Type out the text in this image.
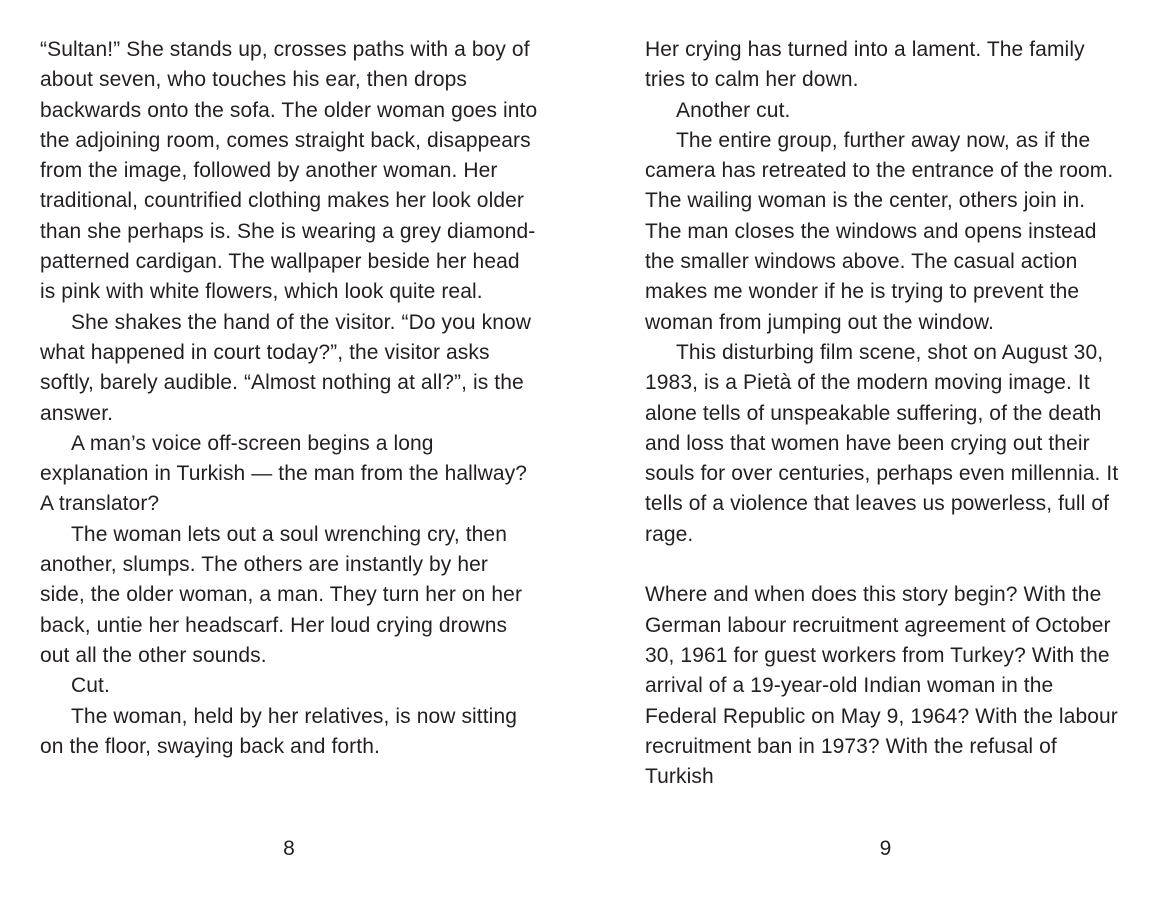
“Sultan!” She stands up, crosses paths with a boy of about seven, who touches his ear, then drops backwards onto the sofa. The older woman goes into the adjoining room, comes straight back, disappears from the image, followed by another woman. Her traditional, countrified clothing makes her look older than she perhaps is. She is wearing a grey diamond-patterned cardigan. The wallpaper beside her head is pink with white flowers, which look quite real.

She shakes the hand of the visitor. “Do you know what happened in court today?”, the visitor asks softly, barely audible. “Almost nothing at all?”, is the answer.

A man’s voice off-screen begins a long explanation in Turkish — the man from the hallway? A translator?

The woman lets out a soul wrenching cry, then another, slumps. The others are instantly by her side, the older woman, a man. They turn her on her back, untie her headscarf. Her loud crying drowns out all the other sounds.

Cut.

The woman, held by her relatives, is now sitting on the floor, swaying back and forth.

8

Her crying has turned into a lament. The family tries to calm her down.

Another cut.

The entire group, further away now, as if the camera has retreated to the entrance of the room. The wailing woman is the center, others join in. The man closes the windows and opens instead the smaller windows above. The casual action makes me wonder if he is trying to prevent the woman from jumping out the window.

This disturbing film scene, shot on August 30, 1983, is a Pietà of the modern moving image. It alone tells of unspeakable suffering, of the death and loss that women have been crying out their souls for over centuries, perhaps even millennia. It tells of a violence that leaves us powerless, full of rage.

Where and when does this story begin? With the German labour recruitment agreement of October 30, 1961 for guest workers from Turkey? With the arrival of a 19-year-old Indian woman in the Federal Republic on May 9, 1964? With the labour recruitment ban in 1973? With the refusal of Turkish

9
